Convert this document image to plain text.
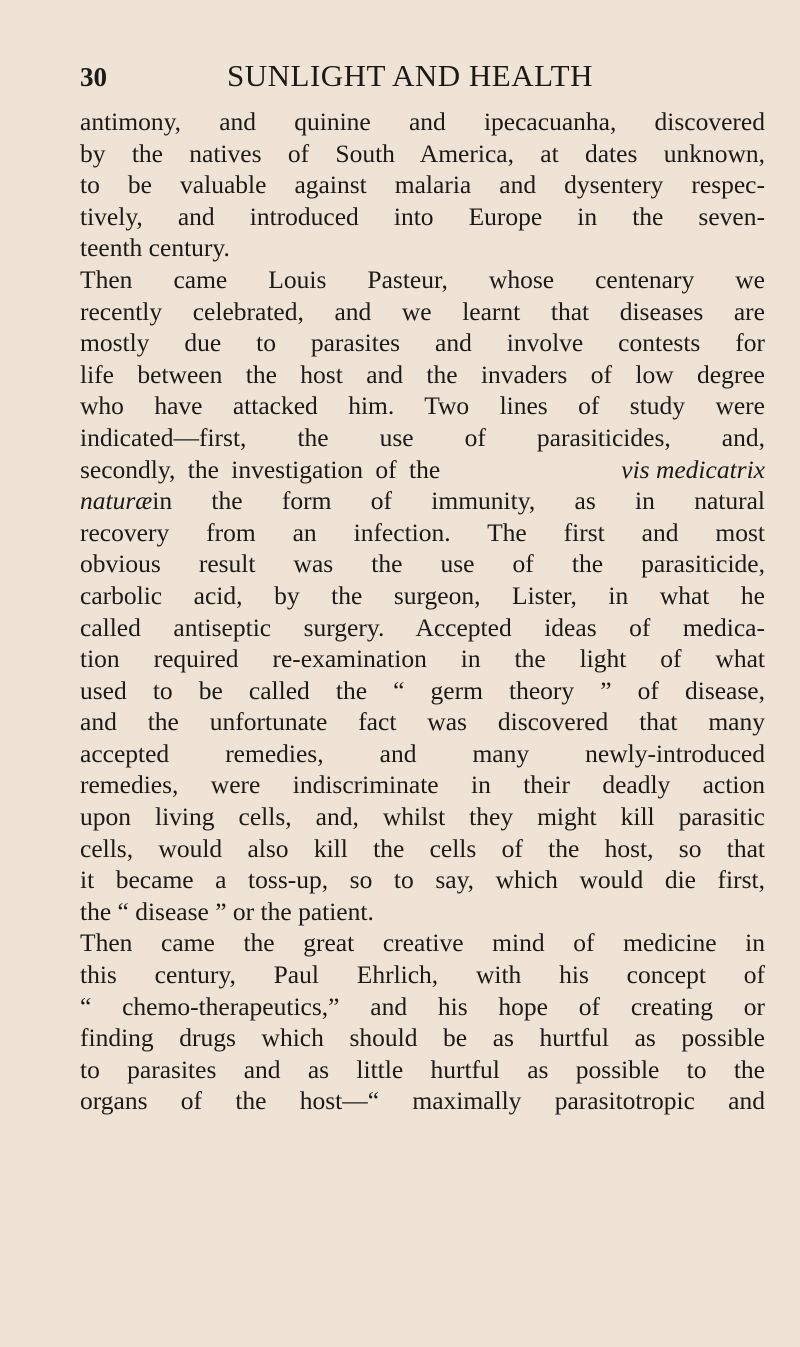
30	SUNLIGHT AND HEALTH
antimony, and quinine and ipecacuanha, discovered
by the natives of South America, at dates unknown,
to be valuable against malaria and dysentery respec-
tively, and introduced into Europe in the seven-
teenth century.
Then came Louis Pasteur, whose centenary we
recently celebrated, and we learnt that diseases are
mostly due to parasites and involve contests for
life between the host and the invaders of low degree
who have attacked him. Two lines of study were
indicated—first, the use of parasiticides, and,
secondly, the investigation of the	vis medicatrix
naturæ in the form of immunity, as in natural
recovery from an infection. The first and most
obvious result was the use of the parasiticide,
carbolic acid, by the surgeon, Lister, in what he
called antiseptic surgery. Accepted ideas of medica-
tion required re-examination in the light of what
used to be called the “ germ theory ” of disease,
and the unfortunate fact was discovered that many
accepted remedies, and many newly-introduced
remedies, were indiscriminate in their deadly action
upon living cells, and, whilst they might kill parasitic
cells, would also kill the cells of the host, so that
it became a toss-up, so to say, which would die first,
the “ disease ” or the patient.
Then came the great creative mind of medicine in
this century, Paul Ehrlich, with his concept of
“ chemo-therapeutics,” and his hope of creating or
finding drugs which should be as hurtful as possible
to parasites and as little hurtful as possible to the
organs of the host—“ maximally parasitotropic and
